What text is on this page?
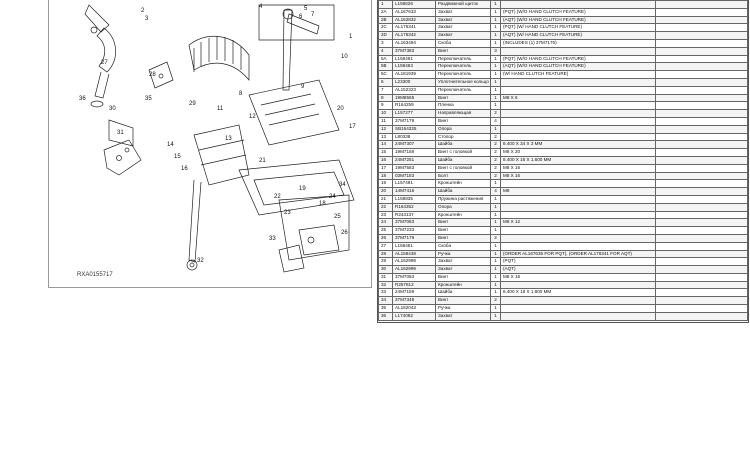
1
2
3
4	5
6 7
8
9
10
11
12
13
14
15
16
17
18
19
20
21
22
23
24
25
26
27
28
29
30
31
32
33
34
35
36
RXA0155717
1	L158626	Раздвижной щиток	1		
2A	AL167633	Захват	1	(PQT) (W/O HAND CLUTCH FEATURE)	
2B	AL162832	Захват	1	(AQT) (W/O HAND CLUTCH FEATURE)	
2C	AL176341	Захват	1	(PQT) (W/ HAND CLUTCH FEATURE)	
2D	AL176342	Захват	1	(AQT) (W/ HAND CLUTCH FEATURE)	
3	AL163494	Скоба	1	(INCLUDES (1) 37M7176)	
4	37M7383	Винт	3		
5A	L158461	Переключатель	1	(PQT) (W/O HAND CLUTCH FEATURE)	
5B	L158463	Переключатель	1	(AQT) (W/O HAND CLUTCH FEATURE)	
5C	AL181939	Переключатель	1	(W/ HAND CLUTCH FEATURE)	
6	L23300	Уплотнительное кольцо	1		
7	AL152323	Переключатель	1		
8	19M8565	Винт	1	M8 X 6	
9	R164259	Пленка	1		
10	L157277	Направляющая	2		
11	37M7179	Винт	4		
12	SB164325	Опора	1		
13	L80338	Стопор	2		
14	24M7307	Шайба	2	8.400 X 34 X 3 MM	
15	19M7158	Винт с головкой	2	M8 X 20	
16	24M7251	Шайба	2	8.400 X 16 X 1.600 MM	
17	19M7583	Винт с головкой	2	M8 X 16	
18	03M7183	Болт	2	M8 X 16	
19	L157491	Кронштейн	1		
20	14M7416	Шайба	4	M8	
21	L158835	Пружина растяжения	1		
22	R164352	Опора	1		
23	R243137	Кронштейн	1		
24	37M7083	Винт	1	M8 X 12	
25	37M7233	Винт	1		
26	37M7179	Винт	2		
27	L158461	Скоба	1		
28	AL158438	Ручка	1	(ORDER AL167635 FOR PQT), (ORDER AL176341 FOR AQT)	
29	AL162998	Захват	1	(PQT)	
30	AL162999	Захват	1	(AQT)	
31	37M7083	Винт	1	M8 X 16	
32	R257812	Кронштейн	1		
33	24M7159	Шайба	1	8.400 X 18 X 1.800 MM	
34	37M7348	Винт	2		
35	AL182043	Ручка	1		
36	L174082	Захват	1		
